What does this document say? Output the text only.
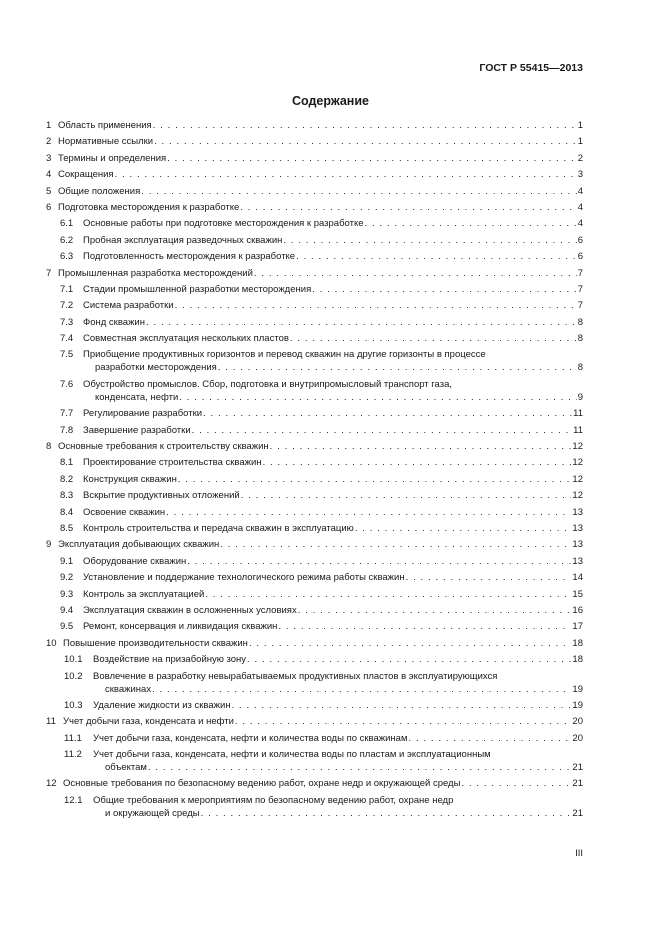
ГОСТ Р 55415—2013
Содержание
1 Область применения . . .	1
2 Нормативные ссылки . . .	1
3 Термины и определения . . .	2
4 Сокращения . . .	3
5 Общие положения . . .	4
6 Подготовка месторождения к разработке . . .	4
6.1 Основные работы при подготовке месторождения к разработке . . .	4
6.2 Пробная эксплуатация разведочных скважин . . .	6
6.3 Подготовленность месторождения к разработке . . .	6
7 Промышленная разработка месторождений . . .	7
7.1 Стадии промышленной разработки месторождения . . .	7
7.2 Система разработки . . .	7
7.3 Фонд скважин . . .	8
7.4 Совместная эксплуатация нескольких пластов . . .	8
7.5 Приобщение продуктивных горизонтов и перевод скважин на другие горизонты в процессе
разработки месторождения . . .	8
7.6 Обустройство промыслов. Сбор, подготовка и внутрипромысловый транспорт газа,
конденсата, нефти . . .	9
7.7 Регулирование разработки . . .	11
7.8 Завершение разработки . . .	11
8 Основные требования к строительству скважин . . .	12
8.1 Проектирование строительства скважин . . .	12
8.2 Конструкция скважин . . .	12
8.3 Вскрытие продуктивных отложений . . .	12
8.4 Освоение скважин . . .	13
8.5 Контроль строительства и передача скважин в эксплуатацию . . .	13
9 Эксплуатация добывающих скважин . . .	13
9.1 Оборудование скважин . . .	13
9.2 Установление и поддержание технологического режима работы скважин . . .	14
9.3 Контроль за эксплуатацией . . .	15
9.4 Эксплуатация скважин в осложненных условиях . . .	16
9.5 Ремонт, консервация и ликвидация скважин . . .	17
10 Повышение производительности скважин . . .	18
10.1 Воздействие на призабойную зону . . .	18
10.2 Вовлечение в разработку невырабатываемых продуктивных пластов в эксплуатирующихся
скважинах . . .	19
10.3 Удаление жидкости из скважин . . .	19
11 Учет добычи газа, конденсата и нефти . . .	20
11.1 Учет добычи газа, конденсата, нефти и количества воды по скважинам . . .	20
11.2 Учет добычи газа, конденсата, нефти и количества воды по пластам и эксплуатационным
объектам . . .	21
12 Основные требования по безопасному ведению работ, охране недр и окружающей среды . . .	21
12.1 Общие требования к мероприятиям по безопасному ведению работ, охране недр
и окружающей среды . . .	21
III
